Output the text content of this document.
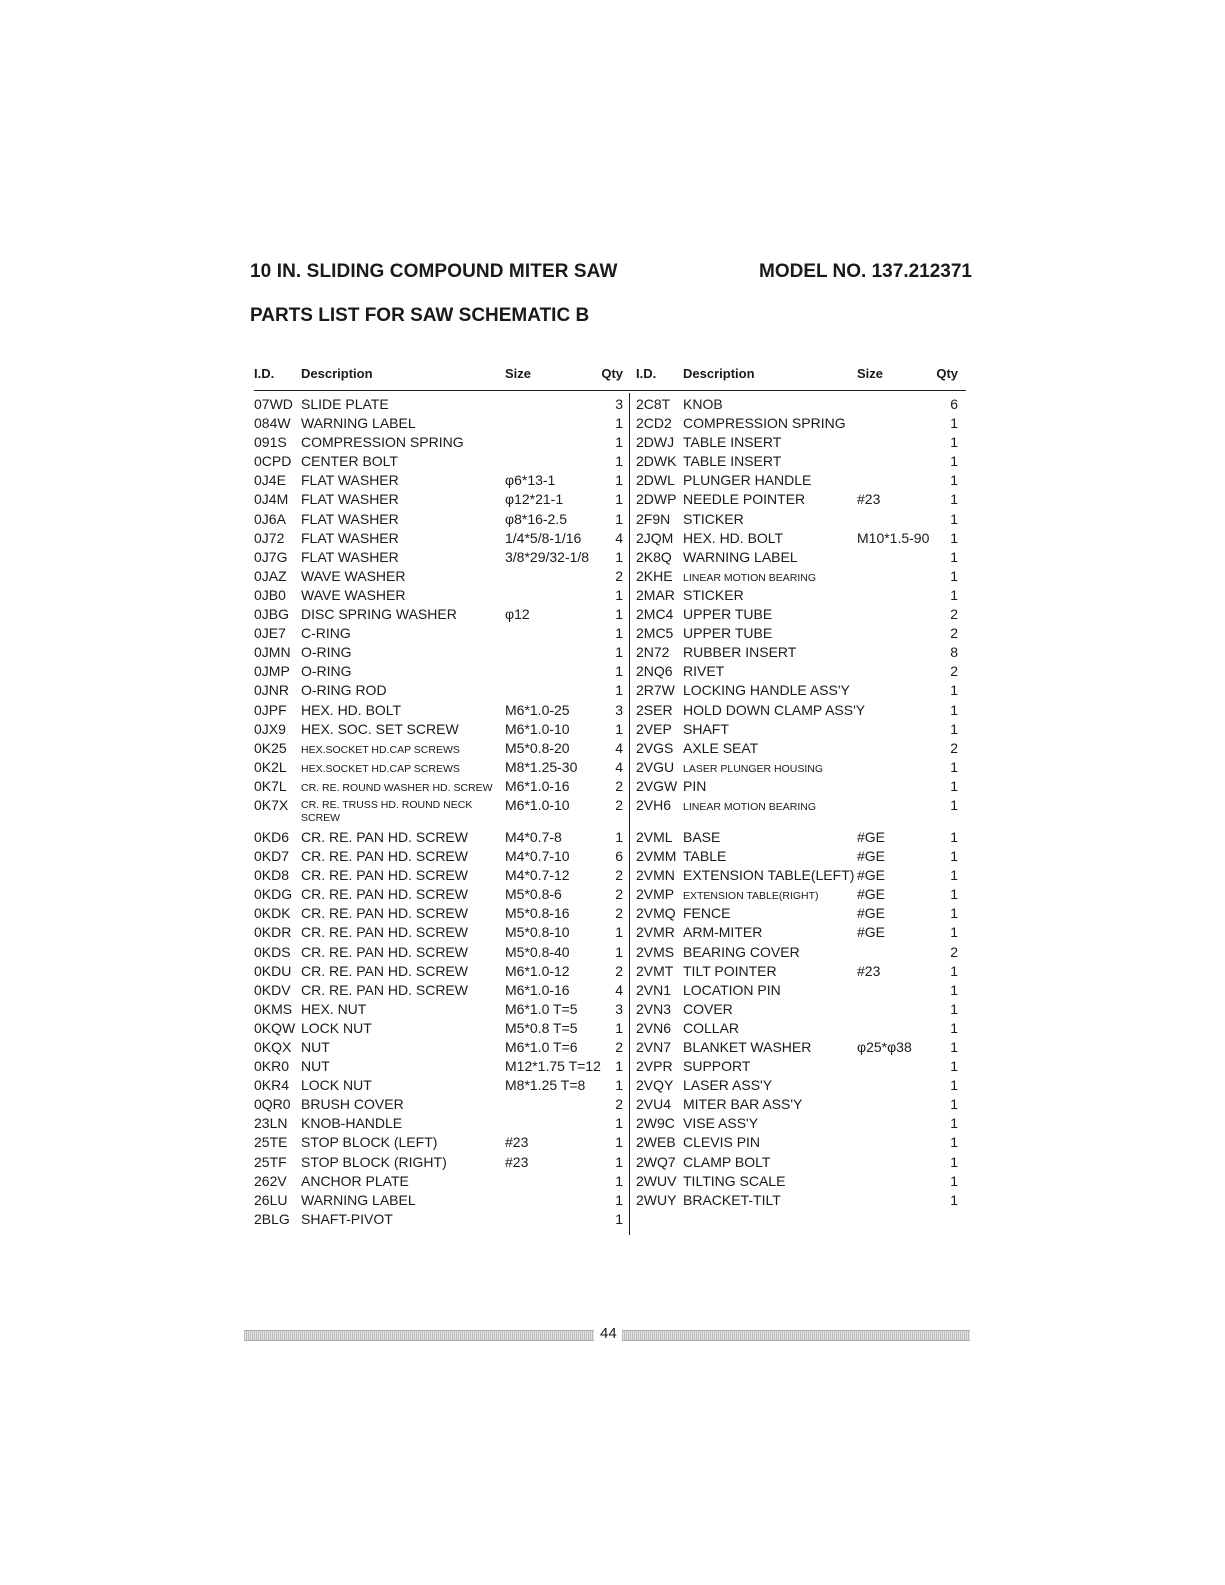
10 IN. SLIDING COMPOUND MITER SAW	MODEL NO. 137.212371
PARTS LIST FOR SAW SCHEMATIC B
I.D. Description	Size	Qty
07WD SLIDE PLATE	3
084W WARNING LABEL	1
091S COMPRESSION SPRING	1
0CPD CENTER BOLT	1
0J4E FLAT WASHER	φ6*13-1	1
0J4M FLAT WASHER	φ12*21-1	1
0J6A FLAT WASHER	φ8*16-2.5	1
0J72 FLAT WASHER	1/4*5/8-1/16 4
0J7G FLAT WASHER	3/8*29/32-1/8 1
0JAZ WAVE WASHER	2
0JB0 WAVE WASHER	1
0JBG DISC SPRING WASHER	φ12	1
0JE7 C-RING	1
0JMN O-RING	1
0JMP O-RING	1
0JNR O-RING ROD	1
0JPF HEX. HD. BOLT	M6*1.0-25	3
0JX9 HEX. SOC. SET SCREW	M6*1.0-10	1
0K25 HEX.SOCKET HD.CAP SCREWS	M5*0.8-20	4
0K2L HEX.SOCKET HD.CAP SCREWS	M8*1.25-30	4
0K7L CR. RE. ROUND WASHER HD. SCREW M6*1.0-16	2
0K7X CR. RE. TRUSS HD. ROUND NECK
SCREW
M6*1.0-10	2
0KD6 CR. RE. PAN HD. SCREW	M4*0.7-8	1
0KD7 CR. RE. PAN HD. SCREW	M4*0.7-10	6
0KD8 CR. RE. PAN HD. SCREW	M4*0.7-12	2
0KDG CR. RE. PAN HD. SCREW	M5*0.8-6	2
0KDK CR. RE. PAN HD. SCREW	M5*0.8-16	2
0KDR CR. RE. PAN HD. SCREW	M5*0.8-10	1
0KDS CR. RE. PAN HD. SCREW	M5*0.8-40	1
0KDU CR. RE. PAN HD. SCREW	M6*1.0-12	2
0KDV CR. RE. PAN HD. SCREW	M6*1.0-16	4
0KMS HEX. NUT	M6*1.0 T=5	3
0KQW LOCK NUT	M5*0.8 T=5	1
0KQX NUT	M6*1.0 T=6	2
0KR0 NUT	M12*1.75 T=12 1
0KR4 LOCK NUT	M8*1.25 T=8 1
0QR0 BRUSH COVER	2
23LN KNOB-HANDLE	1
25TE STOP BLOCK (LEFT)	#23	1
25TF STOP BLOCK (RIGHT)	#23	1
262V ANCHOR PLATE	1
26LU WARNING LABEL	1
2BLG SHAFT-PIVOT	1
I.D. Description	Size	Qty
2C8T KNOB	6
2CD2 COMPRESSION SPRING	1
2DWJ TABLE INSERT	1
2DWK TABLE INSERT	1
2DWL PLUNGER HANDLE	1
2DWP NEEDLE POINTER	#23	1
2F9N STICKER	1
2JQM HEX. HD. BOLT	M10*1.5-90 1
2K8Q WARNING LABEL	1
2KHE LINEAR MOTION BEARING	1
2MAR STICKER	1
2MC4 UPPER TUBE	2
2MC5 UPPER TUBE	2
2N72 RUBBER INSERT	8
2NQ6 RIVET	2
2R7W LOCKING HANDLE ASS'Y	1
2SER HOLD DOWN CLAMP ASS'Y	1
2VEP SHAFT	1
2VGS AXLE SEAT	2
2VGU LASER PLUNGER HOUSING	1
2VGW PIN	1
2VH6 LINEAR MOTION BEARING	1
2VML BASE	#GE	1
2VMM TABLE	#GE	1
2VMN EXTENSION TABLE(LEFT) #GE	1
2VMP EXTENSION TABLE(RIGHT)	#GE	1
2VMQ FENCE	#GE	1
2VMR ARM-MITER	#GE	1
2VMS BEARING COVER	2
2VMT TILT POINTER	#23	1
2VN1 LOCATION PIN	1
2VN3 COVER	1
2VN6 COLLAR	1
2VN7 BLANKET WASHER	φ25*φ38	1
2VPR SUPPORT	1
2VQY LASER ASS'Y	1
2VU4 MITER BAR ASS'Y	1
2W9C VISE ASS'Y	1
2WEB CLEVIS PIN	1
2WQ7 CLAMP BOLT	1
2WUV TILTING SCALE	1
2WUY BRACKET-TILT	1
44
